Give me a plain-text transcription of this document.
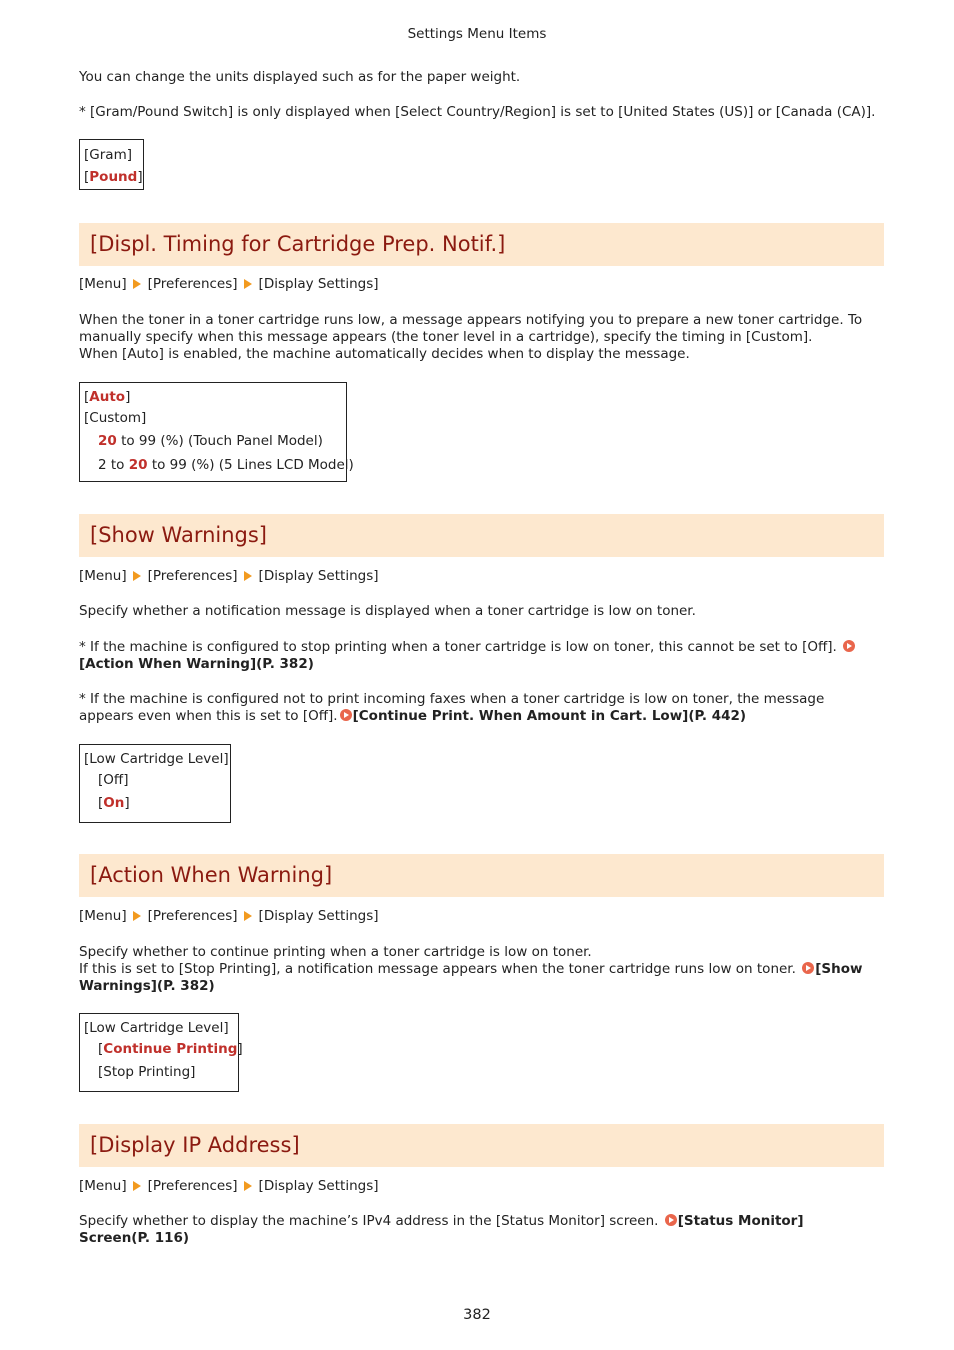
Settings Menu Items
You can change the units displayed such as for the paper weight.
* [Gram/Pound Switch] is only displayed when [Select Country/Region] is set to [United States (US)] or [Canada (CA)].
[Gram]
[Pound]
[Displ. Timing for Cartridge Prep. Notif.]
[Menu] [Preferences] [Display Settings]
When the toner in a toner cartridge runs low, a message appears notifying you to prepare a new toner cartridge. To manually specify when this message appears (the toner level in a cartridge), specify the timing in [Custom].
When [Auto] is enabled, the machine automatically decides when to display the message.
[Auto]
[Custom]
20 to 99 (%) (Touch Panel Model)
2 to 20 to 99 (%) (5 Lines LCD Model)
[Show Warnings]
[Menu] [Preferences] [Display Settings]
Specify whether a notification message is displayed when a toner cartridge is low on toner.
* If the machine is configured to stop printing when a toner cartridge is low on toner, this cannot be set to [Off]. [Action When Warning](P. 382)
* If the machine is configured not to print incoming faxes when a toner cartridge is low on toner, the message appears even when this is set to [Off]. [Continue Print. When Amount in Cart. Low](P. 442)
[Low Cartridge Level]
[Off]
[On]
[Action When Warning]
[Menu] [Preferences] [Display Settings]
Specify whether to continue printing when a toner cartridge is low on toner.
If this is set to [Stop Printing], a notification message appears when the toner cartridge runs low on toner. [Show Warnings](P. 382)
[Low Cartridge Level]
[Continue Printing]
[Stop Printing]
[Display IP Address]
[Menu] [Preferences] [Display Settings]
Specify whether to display the machine’s IPv4 address in the [Status Monitor] screen. [Status Monitor] Screen(P. 116)
382
